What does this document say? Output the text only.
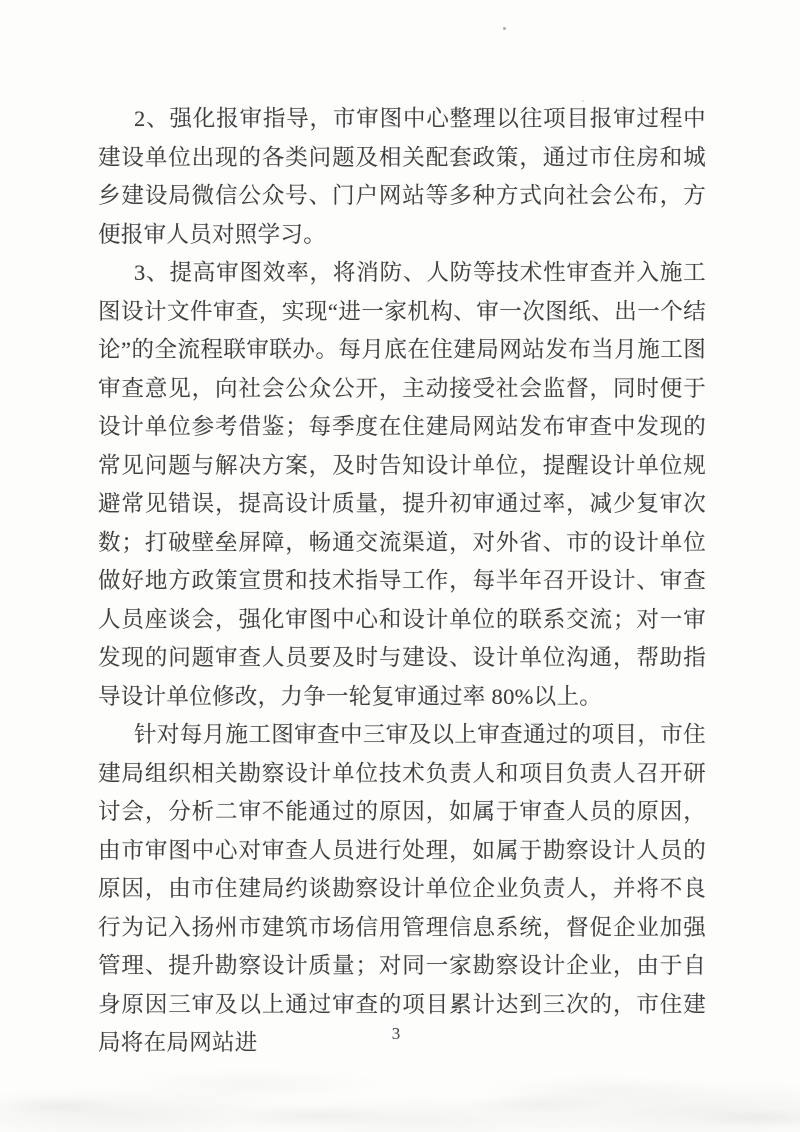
2、强化报审指导，市审图中心整理以往项目报审过程中建设单位出现的各类问题及相关配套政策，通过市住房和城乡建设局微信公众号、门户网站等多种方式向社会公布，方便报审人员对照学习。

3、提高审图效率，将消防、人防等技术性审查并入施工图设计文件审查，实现“进一家机构、审一次图纸、出一个结论”的全流程联审联办。每月底在住建局网站发布当月施工图审查意见，向社会公众公开，主动接受社会监督，同时便于设计单位参考借鉴；每季度在住建局网站发布审查中发现的常见问题与解决方案，及时告知设计单位，提醒设计单位规避常见错误，提高设计质量，提升初审通过率，减少复审次数；打破壁垒屏障，畅通交流渠道，对外省、市的设计单位做好地方政策宣贯和技术指导工作，每半年召开设计、审查人员座谈会，强化审图中心和设计单位的联系交流；对一审发现的问题审查人员要及时与建设、设计单位沟通，帮助指导设计单位修改，力争一轮复审通过率 80%以上。

针对每月施工图审查中三审及以上审查通过的项目，市住建局组织相关勘察设计单位技术负责人和项目负责人召开研讨会，分析二审不能通过的原因，如属于审查人员的原因，由市审图中心对审查人员进行处理，如属于勘察设计人员的原因，由市住建局约谈勘察设计单位企业负责人，并将不良行为记入扬州市建筑市场信用管理信息系统，督促企业加强管理、提升勘察设计质量；对同一家勘察设计企业，由于自身原因三审及以上通过审查的项目累计达到三次的，市住建局将在局网站进	3
